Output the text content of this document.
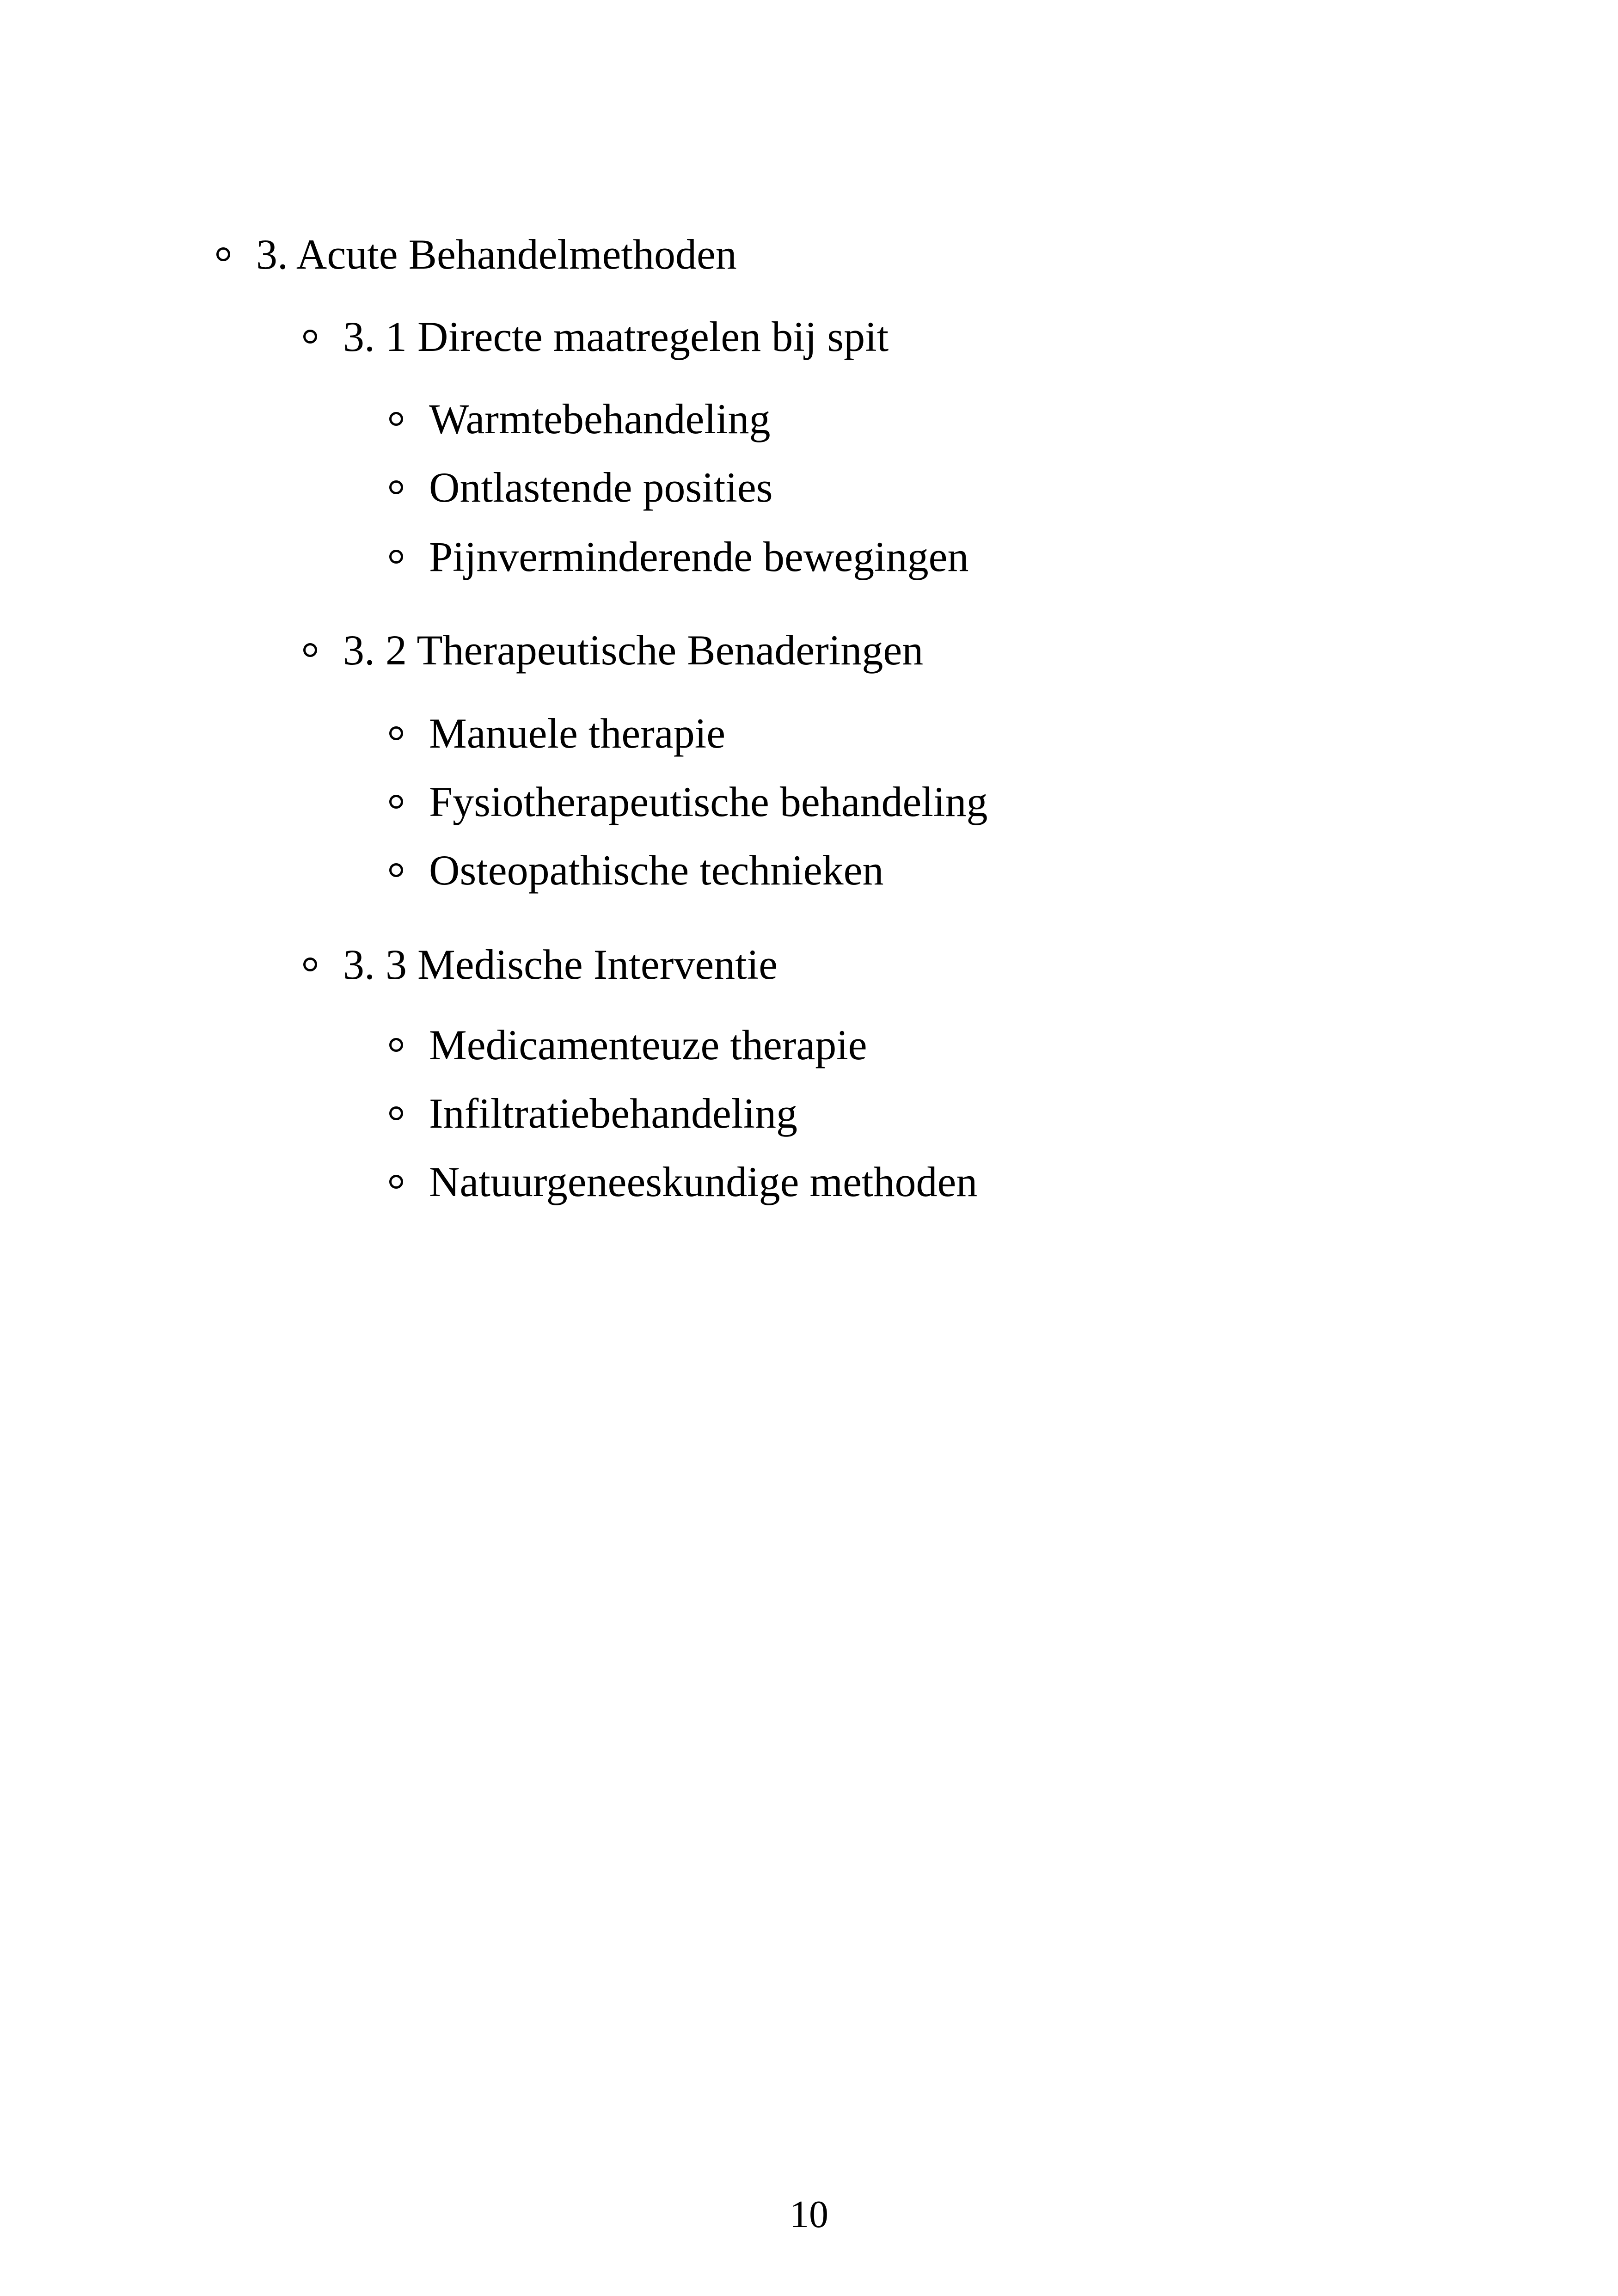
3. Acute Behandelmethoden
3. 1 Directe maatregelen bij spit
Warmtebehandeling
Ontlastende posities
Pijnverminderende bewegingen
3. 2 Therapeutische Benaderingen
Manuele therapie
Fysiotherapeutische behandeling
Osteopathische technieken
3. 3 Medische Interventie
Medicamenteuze therapie
Infiltratiebehandeling
Natuurgeneeskundige methoden
10
